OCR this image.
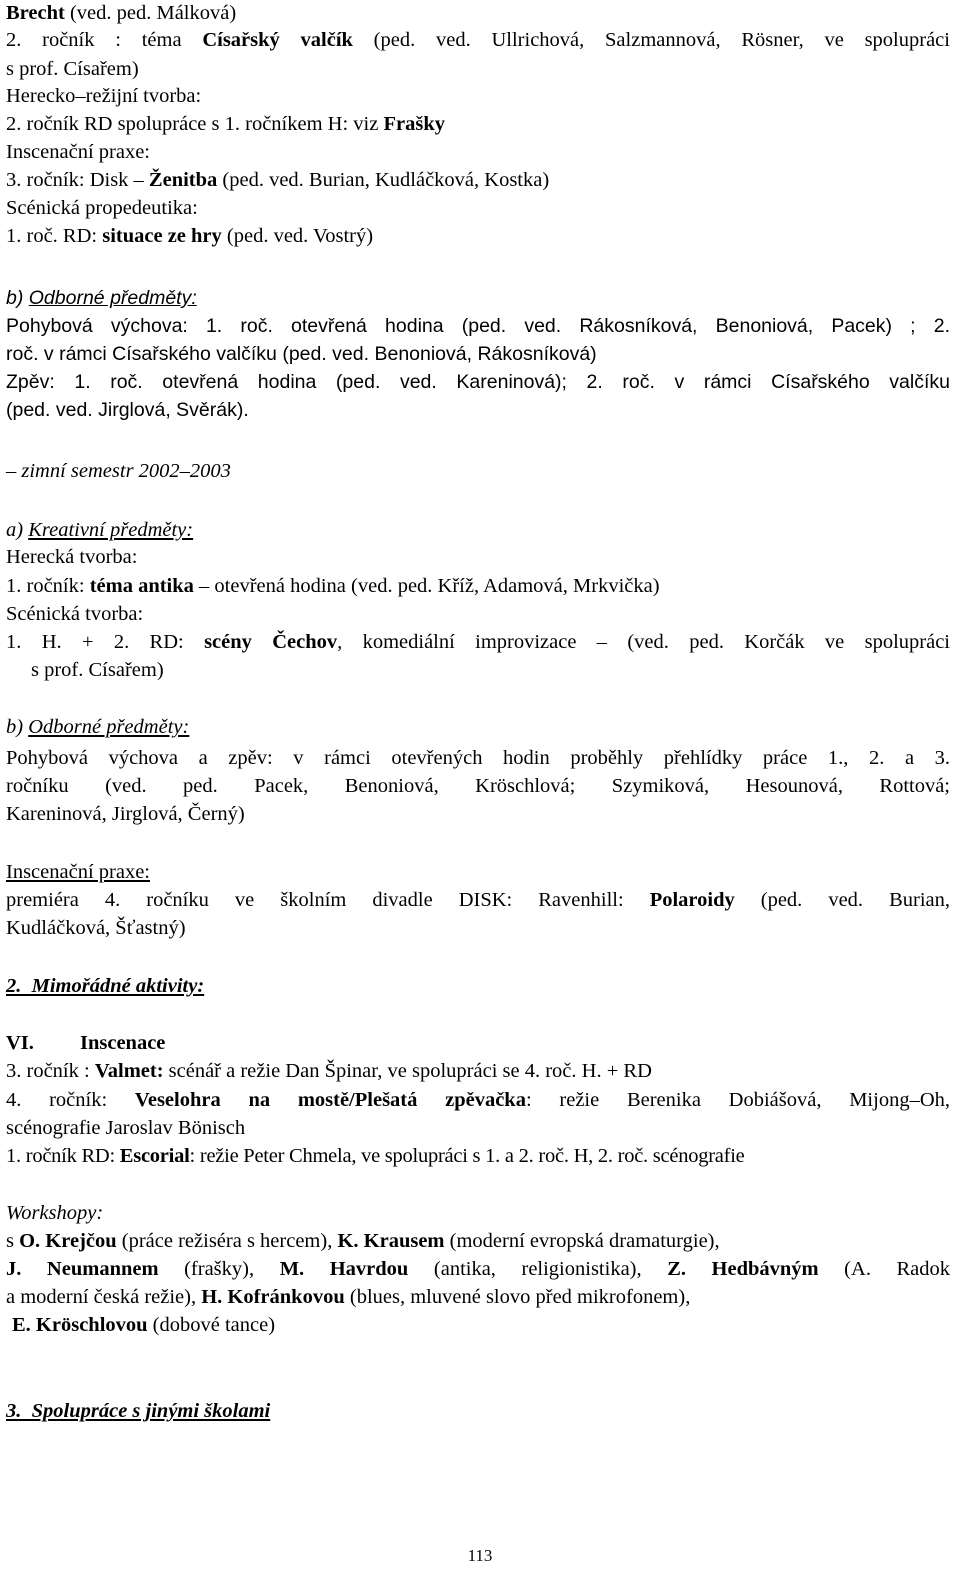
Brecht (ved. ped. Málková)
2. ročník : téma Císařský valčík (ped. ved. Ullrichová, Salzmannová, Rösner, ve spolupráci
s prof. Císařem)
Herecko–režijní tvorba:
2. ročník RD spolupráce s 1. ročníkem H: viz Frašky
Inscenační praxe:
3. ročník: Disk – Ženitba (ped. ved. Burian, Kudláčková, Kostka)
Scénická propedeutika:
1. roč. RD: situace ze hry (ped. ved. Vostrý)
b) Odborné předměty:
Pohybová výchova: 1. roč. otevřená hodina (ped. ved. Rákosníková, Benoniová, Pacek) ; 2.
roč. v rámci Císařského valčíku (ped. ved. Benoniová, Rákosníková)
Zpěv: 1. roč. otevřená hodina (ped. ved. Kareninová); 2. roč. v rámci Císařského valčíku
(ped. ved. Jirglová, Svěrák).
– zimní semestr 2002–2003
a) Kreativní předměty:
Herecká tvorba:
1. ročník: téma antika – otevřená hodina (ved. ped. Kříž, Adamová, Mrkvička)
Scénická tvorba:
1. H. + 2. RD: scény Čechov, komediální improvizace – (ved. ped. Korčák ve spolupráci
s prof. Císařem)
b) Odborné předměty:
Pohybová výchova a zpěv: v rámci otevřených hodin proběhly přehlídky práce 1., 2. a 3.
ročníku (ved. ped. Pacek, Benoniová, Kröschlová; Szymiková, Hesounová, Rottová;
Kareninová, Jirglová, Černý)
Inscenační praxe:
premiéra 4. ročníku ve školním divadle DISK: Ravenhill: Polaroidy (ped. ved. Burian,
Kudláčková, Šťastný)
2.  Mimořádné aktivity:
VI. Inscenace
3. ročník : Valmet: scénář a režie Dan Špinar, ve spolupráci se 4. roč. H. + RD
4. ročník: Veselohra na mostě/Plešatá zpěvačka: režie Berenika Dobiášová, Mijong–Oh,
scénografie Jaroslav Bönisch
1. ročník RD: Escorial: režie Peter Chmela, ve spolupráci s 1. a 2. roč. H, 2. roč. scénografie
Workshopy:
s O. Krejčou (práce režiséra s hercem), K. Krausem (moderní evropská dramaturgie),
J. Neumannem (frašky), M. Havrdou (antika, religionistika), Z. Hedbávným (A. Radok
a moderní česká režie), H. Kofránkovou (blues, mluvené slovo před mikrofonem),
E. Kröschlovou (dobové tance)
3.  Spolupráce s jinými školami
113
